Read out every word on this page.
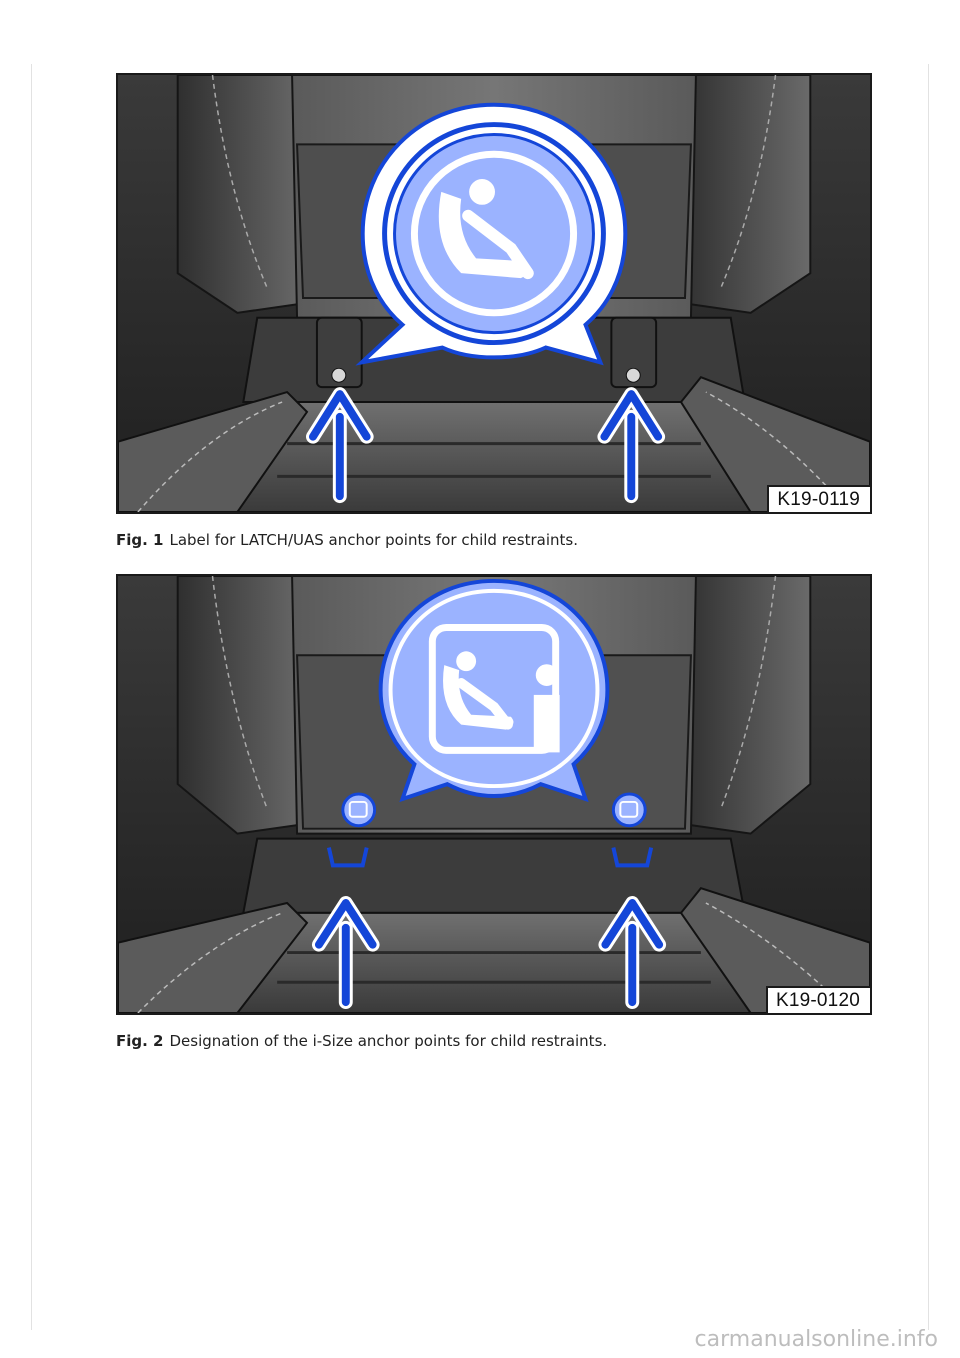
K19-0119
Fig. 1 Label for LATCH/UAS anchor points for child restraints.
K19-0120
Fig. 2 Designation of the i-Size anchor points for child restraints.
carmanualsonline.info
